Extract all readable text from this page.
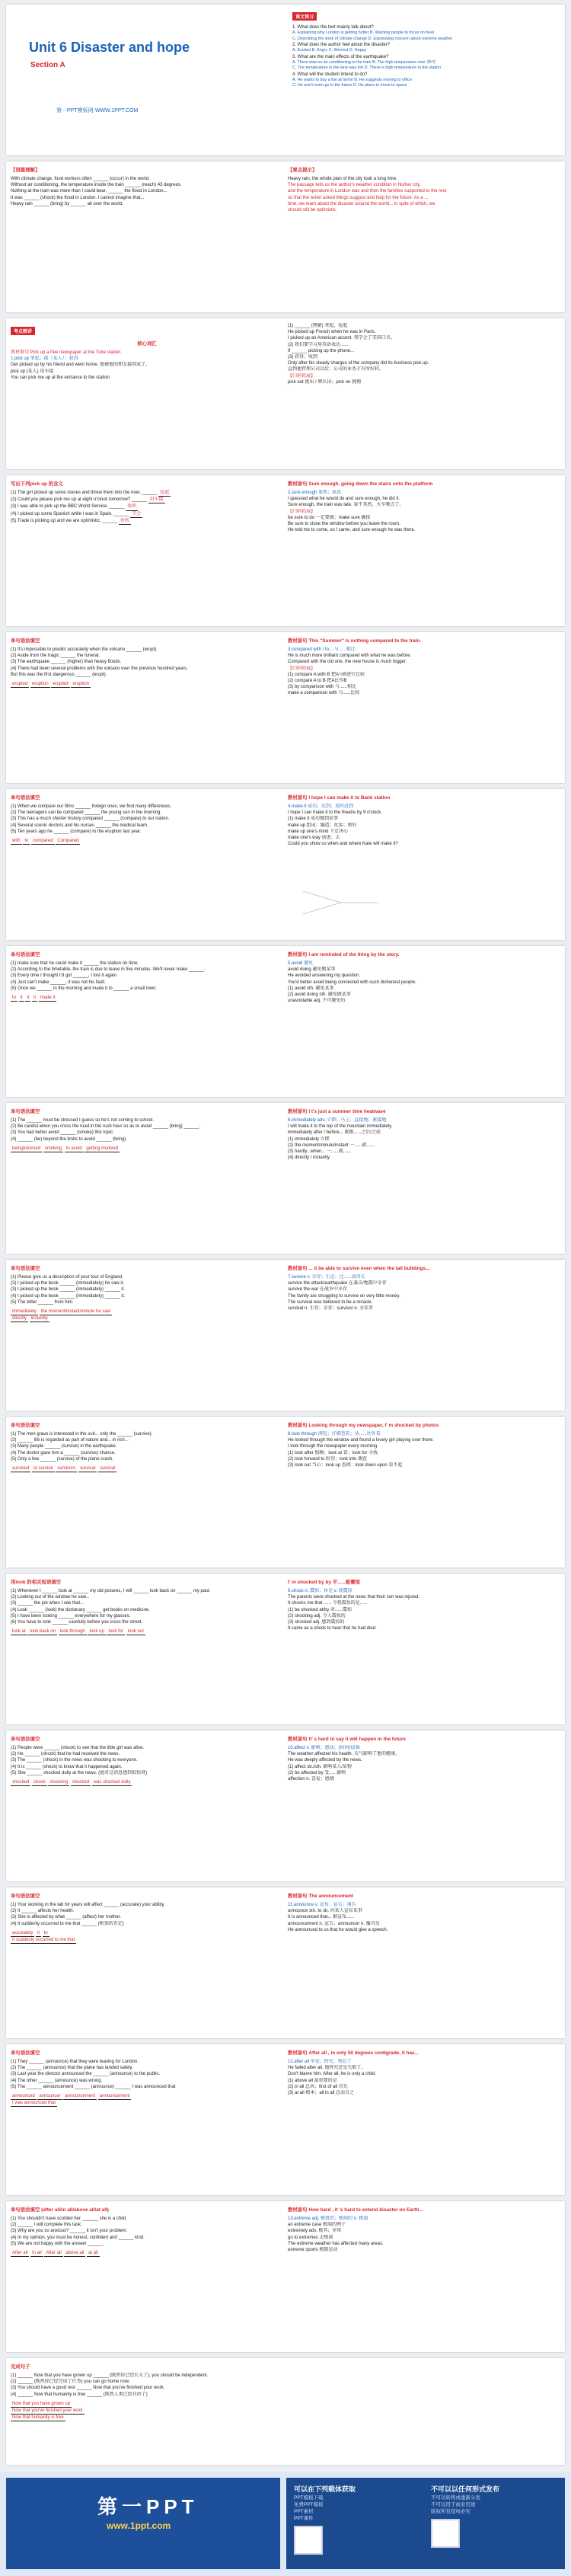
Unit 6 Disaster and hope
Section A
第一PPT模板网-WWW.1PPT.COM
课文预习
1. What does the text mainly talk about?
A. Explaining why London is getting hotter B. Warning people to focus on heat
C. Describing the work of climate change D. Expressing concern about extreme weather
2. What does the author feel about the disaster?
A. Excited B. Angry C. Worried D. Happy
3. What are the main effects of the earthquake?
A. There was no air conditioning in the train B. The high temperature over 35°C
C. The temperature in the lane was hot D. There is high temperature in the station
4. What will the student intend to do?
A. He wants to buy a fan at home B. He suggests moving to office
C. He won't even go in the future D. He plans to move to space
【语篇理解】
With climate change, food workers often ______ (occur) in the world.
Without air conditioning, the temperature inside the train ______ (reach) 43 degrees.
Nothing at the train was more than I could bear, ______ the flood in London...
It was ______ (shock) the flood in London. I cannot imagine that...
Heavy rain ______ (bring) by ______ all over the world.
【要点提示】
Heavy rain, the whole plan of the city took a long time.
The passage tells us the author's weather condition in his/her city.
and the temperature in London was and then the families supported to the rest
so that the writer asked things suggest and help for the future. As a ...
time, we learn about the disaster around the world... in spite of which, we
should still be optimistic.
考点精讲
核心词汇
教材原句 Pick up a free newspaper at the Tube station.
1.pick up 拿起；接（某人）；获得
Get picked up by his friend and went home. 他被他的朋友接回家了。
pick up (某人) 用车接
You can pick me up at the entrance to the station.
(1) ______ (理解) 拿起，捡起
He picked up French when he was in Paris.
I picked up an American accent. 我学会了美国口音。
(2) 我们要学习用英语表达......
If ______ picking up the phone...
(3) 获得；收到
Only after his steady charges of the company did its business pick up.
直到他管理公司以后，公司的业务才有所好转。
【归纳拓展】
pick out 挑出 / 辨认出；pick on 挑剔
写出下列pick up 的含义
(1) The girl picked up some stones and threw them into the river. ______ 捡起
(2) Could you please pick me up at eight o'clock tomorrow? ______ 用车接
(3) I was able to pick up the BBC World Service. ______ 收听
(4) I picked up some Spanish while I was in Spain. ______ 学会
(5) Trade is picking up and we are optimistic. ______ 好转
教材原句 Sure enough, going down the stairs onto the platform
2.sure enough 果然；果真
I guessed what he would do and sure enough, he did it.
Sure enough, the train was late. 果不其然，火车晚点了。
【归纳拓展】
be sure to do 一定要做；make sure 确保
Be sure to close the window before you leave the room.
He told me to come, so I came, and sure enough he was there.
单句语法填空
(1) It's impossible to predict accurately when the volcano ______ (erupt).
(2) Aside from the tragic ______ the funeral.
(3) The earthquake ______ (higher) than heavy floods.
(4) There had been several problems with the volcano over the previous hundred years.
But this was the first dangerous ______ (erupt).
erupted eruption erupted eruption
教材原句 This "Summer" is nothing compared to the train.
3.compared with / to... 与......相比
He is much more brilliant compared with what he was before.
Compared with the old one, the new house is much bigger.
【归纳拓展】
(1) compare A with B 把A与B进行比较
(2) compare A to B 把A比作B
(3) by comparison with 与......相比
make a comparison with 与......比较
单句语法填空
(1) When we compare our films ______ foreign ones, we find many differences.
(2) The teenagers can be compared ______ the young sun in the morning.
(3) This has a much shorter history compared ______ (compare) to our nation.
(4) Several scenic doctors and his nurses ______ the medical team.
(5) Ten years ago he ______ (compare) to the eruption last year.
with to compared Compared
教材原句 I hope I can make it to Bank station
4.make it 成功；达到；及时赶到
I hope I can make it to the theatre by 9 o'clock.
(1) make it 成功做到某事
make up 组成；编造；化妆；和好
make up one's mind 下定决心
make one's way 前进；去
Could you show us when and where Kate will make it?
单句语法填空
(1) make sure that he could make it ______ the station on time.
(2) According to the timetable, the train is due to leave in five minutes. We'll never make ______.
(3) Every time I thought I'd got ______, I lost it again.
(4) Just can't make ______, it was not his fault.
(5) Once we ______ in the morning and made it to ______ a small town.
to it it it made it
教材原句 I am reminded of the thing by the story.
5.avoid 避免
avoid doing 避免做某事
He avoided answering my question.
You'd better avoid being connected with such dishonest people.
(1) avoid sth. 避免某事
(2) avoid doing sth. 避免做某事
unavoidable adj. 不可避免的
单句语法填空
(1) The ______ must be stressed I guess so he's not coming to school.
(2) Be careful when you cross the road in the rush hour so as to avoid ______ (bring) ______.
(3) You had better avoid ______ (smoke) this topic.
(4) ______ (be) beyond the limits to avoid ______ (bring).
beingknocked smoking to avoid getting involved
教材原句 I t's just a summer time heatwave
6.immediately adv. 立即；马上；直接地；紧接地
I will make it to the top of the mountain immediately.
immediately after / before... 紧跟......之后/之前
(1) immediately 立即
(2) the moment/minute/instant 一......就......
(3) hardly...when... 一......就......
(4) directly / instantly
单句语法填空
(1) Please give us a description of your tour of England.
(2) I picked up the book ______ (immediately) he saw it.
(3) I picked up the book ______ (immediately) ______ it.
(4) I picked up the book ______ (immediately) ______ it.
(5) The letter ______ from him.
immediately the moment/instant/minute he saw
directly instantly
教材原句 ... it be able to survive even when the tall buildings...
7.survive v. 幸存；生还；比......活得长
survive the attack/earthquake 在袭击/地震中幸存
survive the war 在战争中幸存
The family are struggling to survive on very little money.
The survival was believed to be a miracle.
survival n. 生存；幸存；survivor n. 幸存者
单句语法填空
(1) The men grave is interested in the suit... only the ______ (survive).
(2) ______ life is regarded as part of nature and... in rich...
(3) Many people ______ (survive) in the earthquake.
(4) The doctor gave him a ______ (survive) chance.
(5) Only a few ______ (survive) of the plane crash.
survived to survive survivors survival survival
教材原句 Looking through my newspaper, I' m shocked by photos
8.look through 浏览；仔细查看；从......往外看
He looked through the window and found a lovely girl playing over there.
I look through the newspaper every morning.
(1) look after 照顾；look at 看；look for 寻找
(2) look forward to 盼望；look into 调查
(3) look out 当心；look up 查阅；look down upon 看不起
用look 的相关短语填空
(1) Whenever I ______ look at ______ my old pictures, I will ______ look back on ______ my past.
(2) Looking out of the window he saw...
(3) ______ the job when I see that...
(4) Look ______ (look) the dictionary ______ get books on medicine.
(5) I have been looking ______ everywhere for my glasses.
(6) You have to look ______ carefully before you cross the street.
look at look back on look through look up look for look out
I' m shocked by by 平......极震惊
9.shock n. 震惊；休克 v. 使震惊
The parents were shocked at the news that their son was injured.
It shocks me that ...... 令我震惊的是......
(1) be shocked at/by 对......震惊
(2) shocking adj. 令人震惊的
(3) shocked adj. 感到震惊的
It came as a shock to hear that he had died.
单句语法填空
(1) People were ______ (shock) to see that the little girl was alive.
(2) He ______ (shock) that he had received the news.
(3) The ______ (shock) in the news was shocking to everyone.
(4) It is ______ (shock) to know that it happened again.
(5) She ______ shocked dully at the news. (她对这消息感到很惊讶)
shocked shock shocking shocked was shocked dully
教材原句 It' s hard to say it will happen in the future
10.affect v. 影响；感动；(疾病)侵袭
The weather affected his health. 天气影响了他的健康。
He was deeply affected by the news.
(1) affect sb./sth. 影响某人/某物
(2) be affected by 受......影响
affection n. 喜爱；感情
单句语法填空
(1) Your working in the lab for years will affect ______ (accurate) your ability.
(2) It ______ affects her health.
(3) She is affected by what ______ (affect) her mother.
(4) It suddenly occurred to me that ______ (附加的否定)
accurately it to
It suddenly occurred to me that
教材原句 The announcement
11.announce v. 宣布；宣告；通告
announce sth. to sb. 向某人宣布某事
It is announced that... 据宣布......
announcement n. 宣告；announcer n. 播音员
He announced to us that he would give a speech.
单句语法填空
(1) They ______ (announce) that they were leaving for London.
(2) The ______ (announce) that the plane has landed safely.
(3) Last year the director announced the ______ (announce) to the public.
(4) The other ______ (announce) was wrong.
(5) The ______ announcement ______ (announce) ______ I was announced that
announced announcer announcement announcement
I was announced that
教材原句 After all , in only 50 degrees centigrade, it has...
12.after all 毕竟；终究；别忘了
He failed after all. 他终究还是失败了。
Don't blame him. After all, he is only a child.
(1) above all 最重要的是
(2) in all 总共；first of all 首先
(3) at all 根本；all in all 总而言之
单句语法填空 (after all/in all/above all/at all)
(1) You shouldn't have scolded her. ______ she is a child.
(2) ______ I will complete this task.
(3) Why are you so anxious? ______ it isn't your problem.
(4) In my opinion, you must be honest, confident and ______ kind.
(5) We are not happy with the answer ______.
After all In all After all above all at all
教材原句 How hard , it 's hard to extend disaster on Earth...
13.extreme adj. 极度的；极端的 n. 极端
an extreme case 极端的例子
extremely adv. 极其；非常
go to extremes 走极端
The extreme weather has affected many areas.
extreme sports 极限运动
完成句子
(1) ______ Now that you have grown up ______ (既然你已经长大了), you should be independent.
(2) ______ (既然你已经完成了任务) you can go home now.
(3) You should have a good rest ______ Now that you've finished your work.
(4) ______ Now that humanity is free ______ (既然人类已经自由了)
Now that you have grown up
Now that you've finished your work
Now that humanity is free
第一PPT
www.1ppt.com
可以在下列载体获取
PPT模板下载
免费PPT模板
PPT素材
PPT课件
不可以以任何形式发布
不可以转售或重新分发
不可以用于商业用途
版权所有侵权必究
